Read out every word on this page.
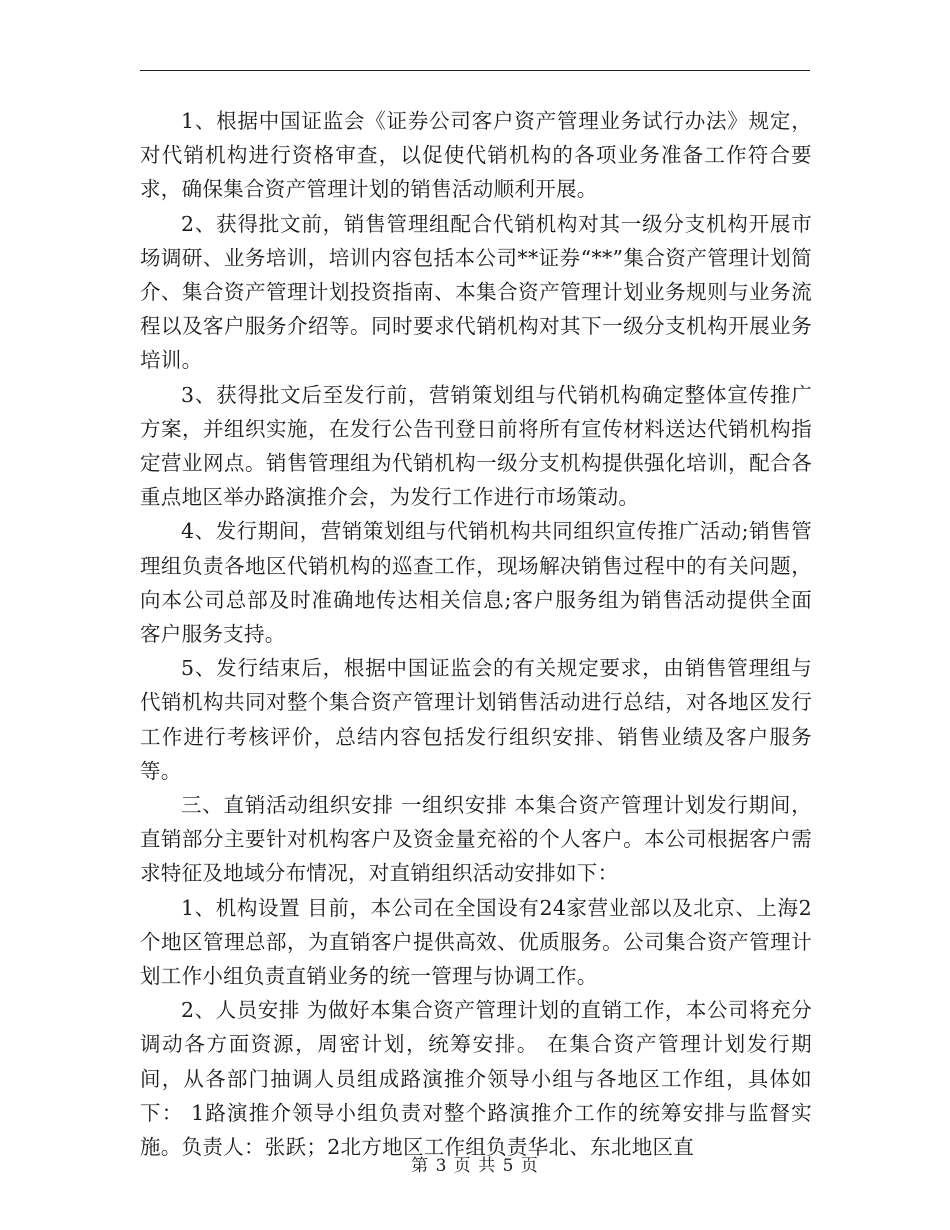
1、根据中国证监会《证券公司客户资产管理业务试行办法》规定，对代销机构进行资格审查，以促使代销机构的各项业务准备工作符合要求，确保集合资产管理计划的销售活动顺利开展。

2、获得批文前，销售管理组配合代销机构对其一级分支机构开展市场调研、业务培训，培训内容包括本公司**证券“**”集合资产管理计划简介、集合资产管理计划投资指南、本集合资产管理计划业务规则与业务流程以及客户服务介绍等。同时要求代销机构对其下一级分支机构开展业务培训。

3、获得批文后至发行前，营销策划组与代销机构确定整体宣传推广方案，并组织实施，在发行公告刊登日前将所有宣传材料送达代销机构指定营业网点。销售管理组为代销机构一级分支机构提供强化培训，配合各重点地区举办路演推介会，为发行工作进行市场策动。

4、发行期间，营销策划组与代销机构共同组织宣传推广活动;销售管理组负责各地区代销机构的巡查工作，现场解决销售过程中的有关问题，向本公司总部及时准确地传达相关信息;客户服务组为销售活动提供全面客户服务支持。

5、发行结束后，根据中国证监会的有关规定要求，由销售管理组与代销机构共同对整个集合资产管理计划销售活动进行总结，对各地区发行工作进行考核评价，总结内容包括发行组织安排、销售业绩及客户服务等。

三、直销活动组织安排 一组织安排 本集合资产管理计划发行期间，直销部分主要针对机构客户及资金量充裕的个人客户。本公司根据客户需求特征及地域分布情况，对直销组织活动安排如下：

1、机构设置 目前，本公司在全国设有24家营业部以及北京、上海2个地区管理总部，为直销客户提供高效、优质服务。公司集合资产管理计划工作小组负责直销业务的统一管理与协调工作。

2、人员安排 为做好本集合资产管理计划的直销工作，本公司将充分调动各方面资源，周密计划，统筹安排。 在集合资产管理计划发行期间，从各部门抽调人员组成路演推介领导小组与各地区工作组，具体如下： 1路演推介领导小组负责对整个路演推介工作的统筹安排与监督实施。负责人：张跃；2北方地区工作组负责华北、东北地区直

第 3 页 共 5 页
